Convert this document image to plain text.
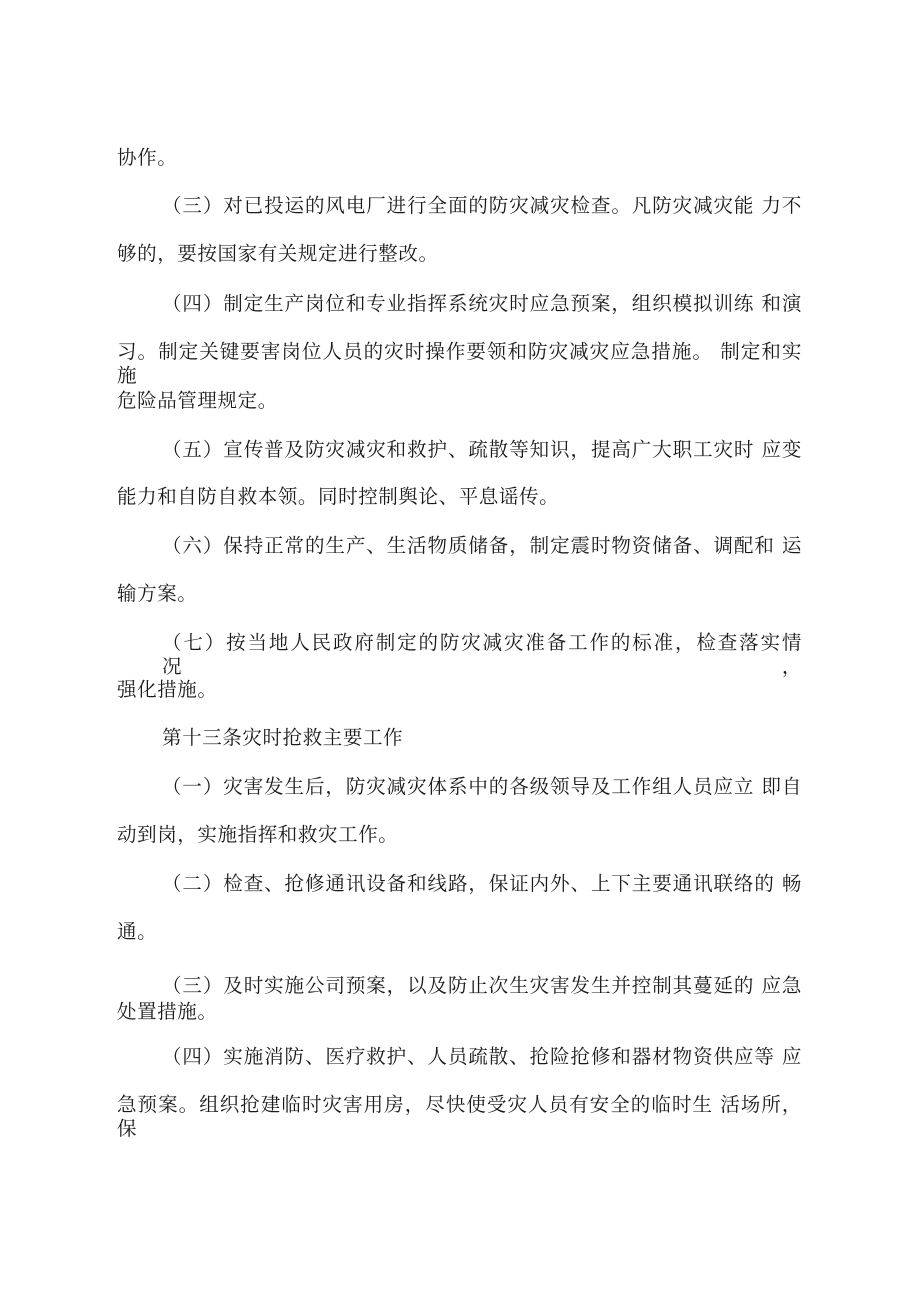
协作。
（三）对已投运的风电厂进行全面的防灾减灾检查。凡防灾减灾能 力不
够的，要按国家有关规定进行整改。
（四）制定生产岗位和专业指挥系统灾时应急预案，组织模拟训练 和演
习。制定关键要害岗位人员的灾时操作要领和防灾减灾应急措施。 制定和实施
危险品管理规定。
（五）宣传普及防灾减灾和救护、疏散等知识，提高广大职工灾时 应变
能力和自防自救本领。同时控制舆论、平息谣传。
（六）保持正常的生产、生活物质储备，制定震时物资储备、调配和 运
输方案。
（七）按当地人民政府制定的防灾减灾准备工作的标准，检查落实情 况，
强化措施。
第十三条灾时抢救主要工作
（一）灾害发生后，防灾减灾体系中的各级领导及工作组人员应立 即自
动到岗，实施指挥和救灾工作。
（二）检查、抢修通讯设备和线路，保证内外、上下主要通讯联络的 畅
通。
（三）及时实施公司预案，以及防止次生灾害发生并控制其蔓延的 应急
处置措施。
（四）实施消防、医疗救护、人员疏散、抢险抢修和器材物资供应等 应
急预案。组织抢建临时灾害用房，尽快使受灾人员有安全的临时生 活场所，保
